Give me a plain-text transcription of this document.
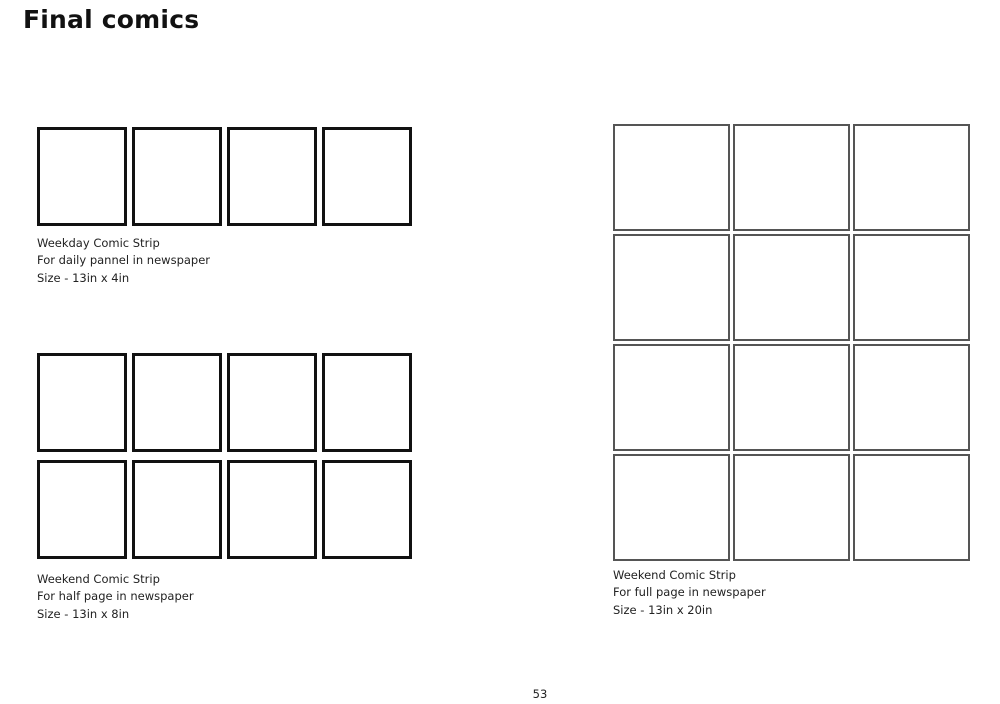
Final comics
Weekday Comic Strip
For daily pannel in newspaper
Size - 13in x 4in
Weekend Comic Strip
For half page in newspaper
Size - 13in x 8in
Weekend Comic Strip
For full page in newspaper
Size - 13in x 20in
53
